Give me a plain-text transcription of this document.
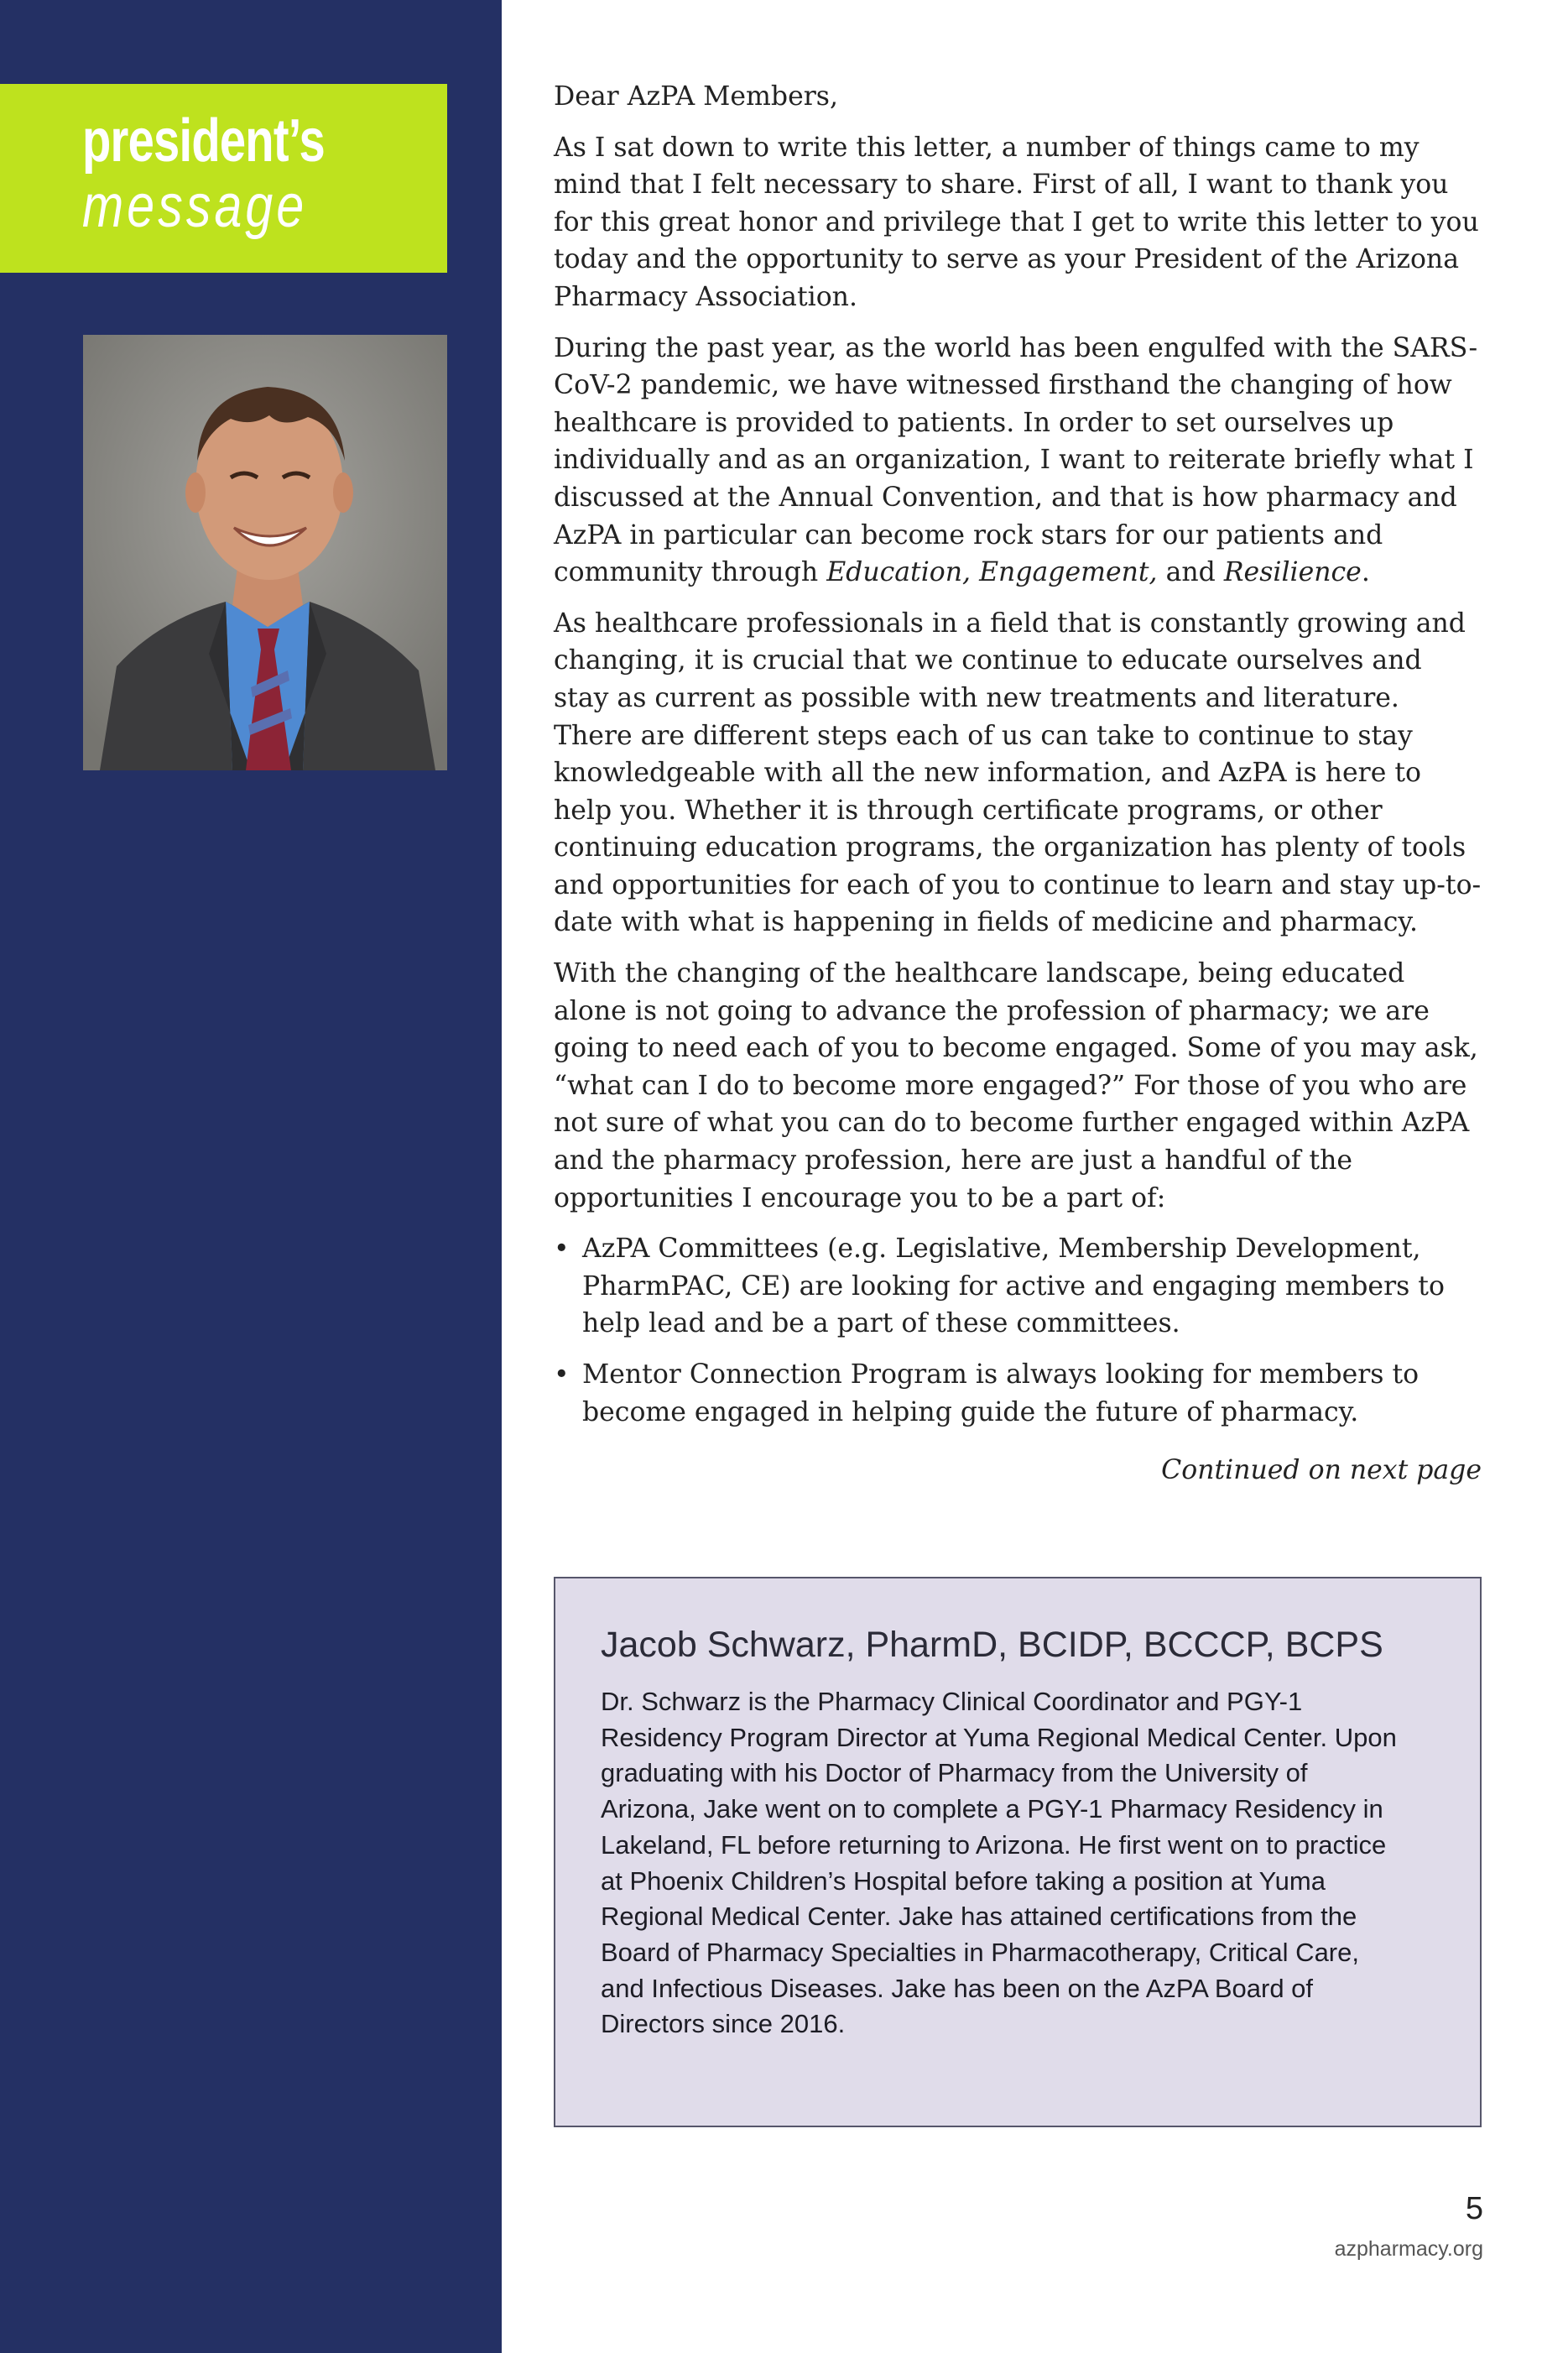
president’s
message

Dear AzPA Members,

As I sat down to write this letter, a number of things came to my mind that I felt necessary to share. First of all, I want to thank you for this great honor and privilege that I get to write this letter to you today and the opportunity to serve as your President of the Arizona Pharmacy Association.

During the past year, as the world has been engulfed with the SARS-CoV-2 pandemic, we have witnessed firsthand the changing of how healthcare is provided to patients. In order to set ourselves up individually and as an organization, I want to reiterate briefly what I discussed at the Annual Convention, and that is how pharmacy and AzPA in particular can become rock stars for our patients and community through Education, Engagement, and Resilience.

As healthcare professionals in a field that is constantly growing and changing, it is crucial that we continue to educate ourselves and stay as current as possible with new treatments and literature. There are different steps each of us can take to continue to stay knowledgeable with all the new information, and AzPA is here to help you. Whether it is through certificate programs, or other continuing education programs, the organization has plenty of tools and opportunities for each of you to continue to learn and stay up-to-date with what is happening in fields of medicine and pharmacy.

With the changing of the healthcare landscape, being educated alone is not going to advance the profession of pharmacy; we are going to need each of you to become engaged. Some of you may ask, “what can I do to become more engaged?” For those of you who are not sure of what you can do to become further engaged within AzPA and the pharmacy profession, here are just a handful of the opportunities I encourage you to be a part of:

• AzPA Committees (e.g. Legislative, Membership Development, PharmPAC, CE) are looking for active and engaging members to help lead and be a part of these committees.
• Mentor Connection Program is always looking for members to become engaged in helping guide the future of pharmacy.
Continued on next page
Jacob Schwarz, PharmD, BCIDP, BCCCP, BCPS
Dr. Schwarz is the Pharmacy Clinical Coordinator and PGY-1 Residency Program Director at Yuma Regional Medical Center. Upon graduating with his Doctor of Pharmacy from the University of Arizona, Jake went on to complete a PGY-1 Pharmacy Residency in Lakeland, FL before returning to Arizona. He first went on to practice at Phoenix Children’s Hospital before taking a position at Yuma Regional Medical Center. Jake has attained certifications from the Board of Pharmacy Specialties in Pharmacotherapy, Critical Care, and Infectious Diseases. Jake has been on the AzPA Board of Directors since 2016.
5
azpharmacy.org
